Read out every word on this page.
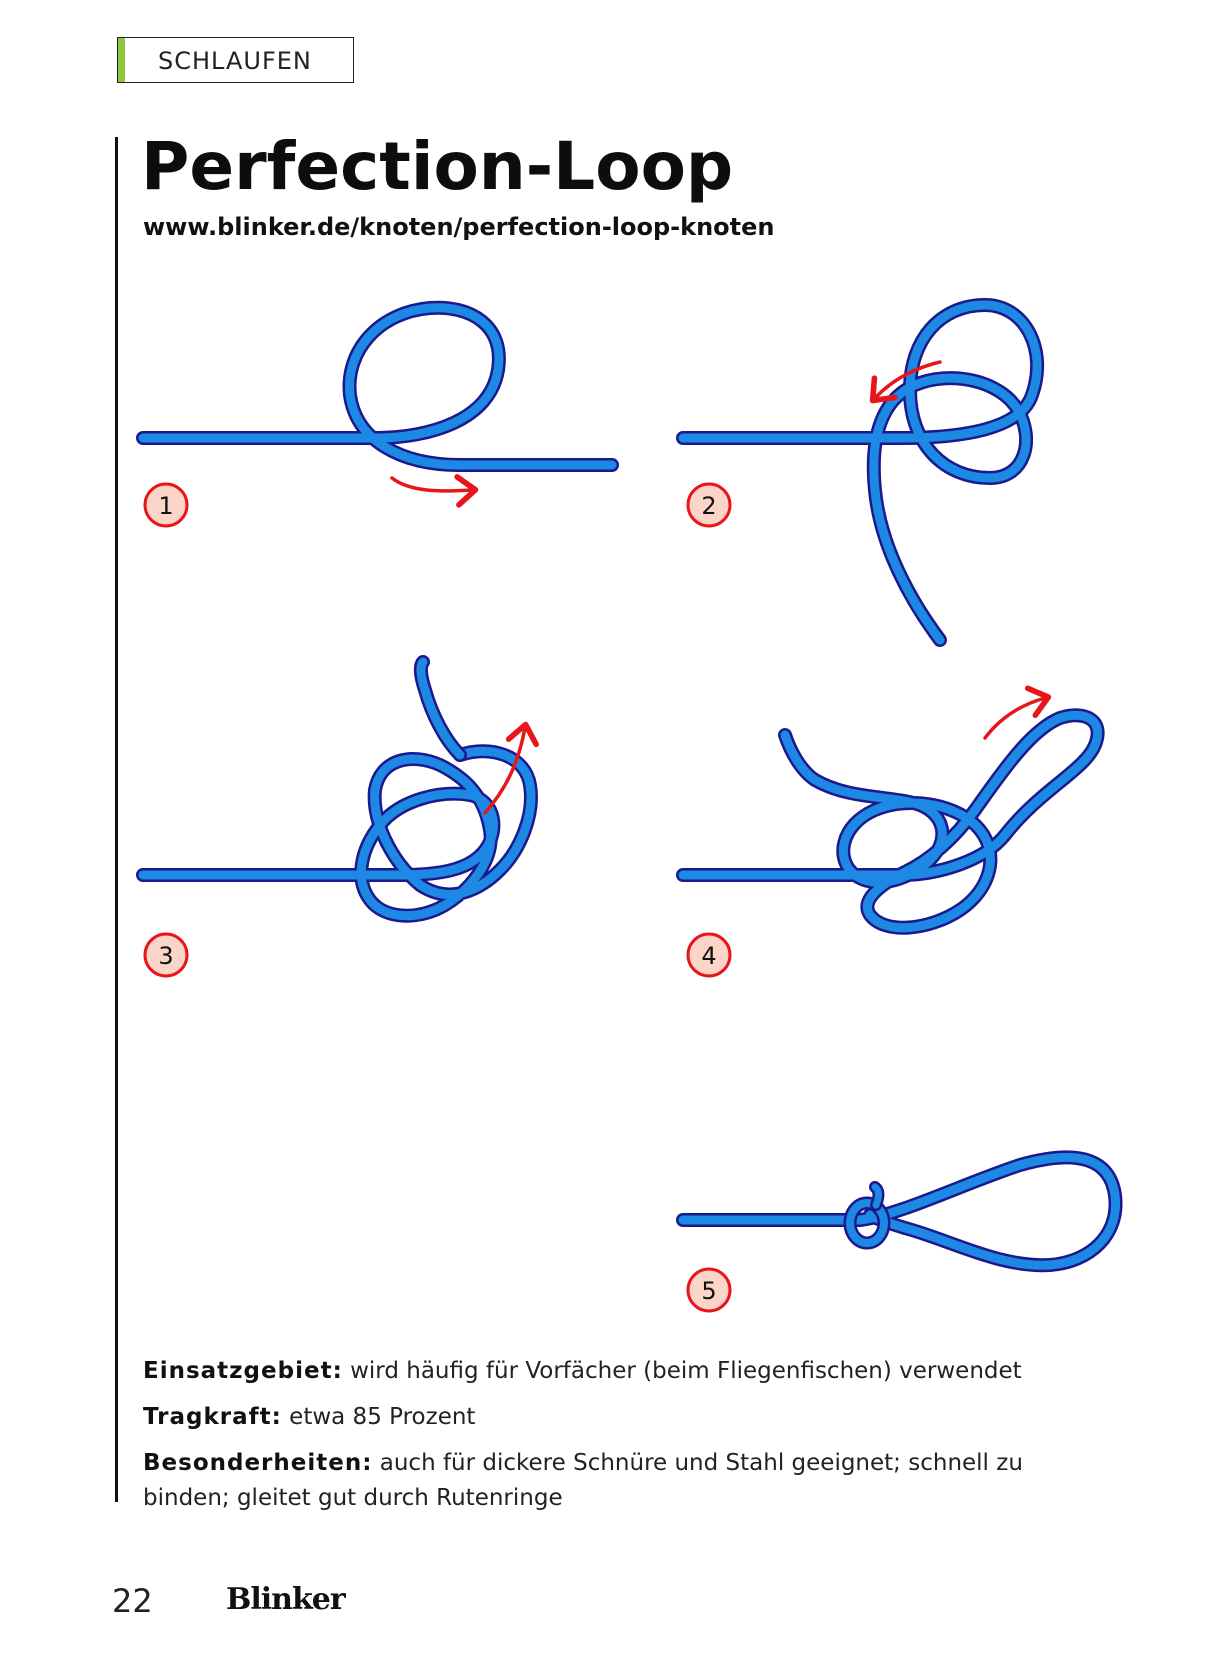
SCHLAUFEN
Perfection-Loop
www.blinker.de/knoten/perfection-loop-knoten
1	2
3	4
5
Einsatzgebiet: wird häufig für Vorfächer (beim Fliegenfischen) verwendet
Tragkraft: etwa 85 Prozent
Besonderheiten: auch für dickere Schnüre und Stahl geeignet; schnell zu binden; gleitet gut durch Rutenringe
22 Blinker
